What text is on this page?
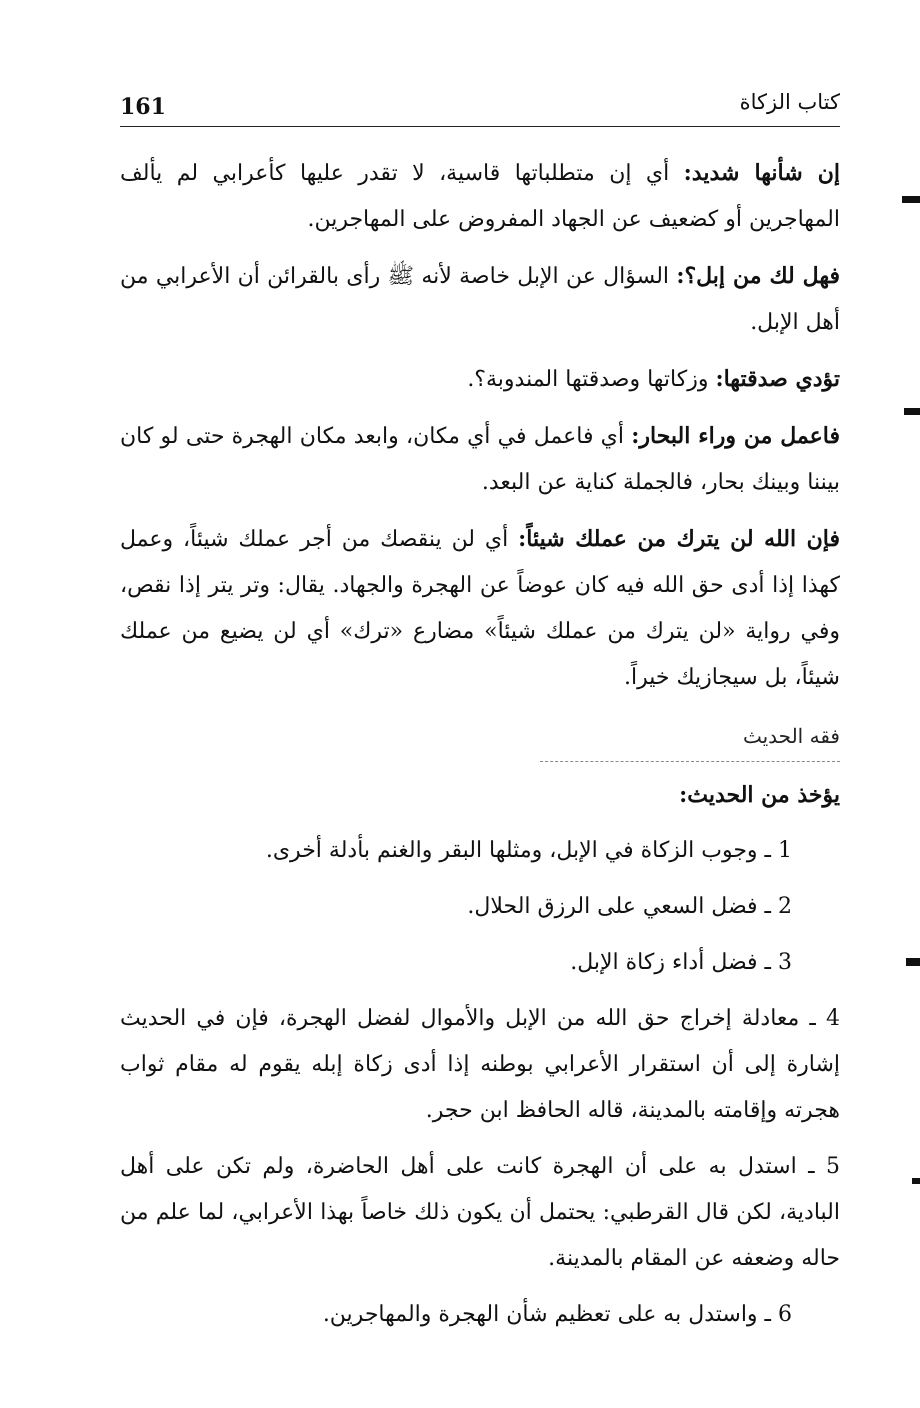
161	كتاب الزكاة

إن شأنها شديد: أي إن متطلباتها قاسية، لا تقدر عليها كأعرابي لم يألف المهاجرين أو كضعيف عن الجهاد المفروض على المهاجرين.

فهل لك من إبل؟: السؤال عن الإبل خاصة لأنه ﷺ رأى بالقرائن أن الأعرابي من أهل الإبل.

تؤدي صدقتها: وزكاتها وصدقتها المندوبة؟.

فاعمل من وراء البحار: أي فاعمل في أي مكان، وابعد مكان الهجرة حتى لو كان بيننا وبينك بحار، فالجملة كناية عن البعد.

فإن الله لن يترك من عملك شيئاً: أي لن ينقصك من أجر عملك شيئاً، وعمل كهذا إذا أدى حق الله فيه كان عوضاً عن الهجرة والجهاد. يقال: وتر يتر إذا نقص، وفي رواية «لن يترك من عملك شيئاً» مضارع «ترك» أي لن يضيع من عملك شيئاً، بل سيجازيك خيراً.

فقه الحديث

يؤخذ من الحديث:

1 ـ وجوب الزكاة في الإبل، ومثلها البقر والغنم بأدلة أخرى.

2 ـ فضل السعي على الرزق الحلال.

3 ـ فضل أداء زكاة الإبل.

4 ـ معادلة إخراج حق الله من الإبل والأموال لفضل الهجرة، فإن في الحديث إشارة إلى أن استقرار الأعرابي بوطنه إذا أدى زكاة إبله يقوم له مقام ثواب هجرته وإقامته بالمدينة، قاله الحافظ ابن حجر.

5 ـ استدل به على أن الهجرة كانت على أهل الحاضرة، ولم تكن على أهل البادية، لكن قال القرطبي: يحتمل أن يكون ذلك خاصاً بهذا الأعرابي، لما علم من حاله وضعفه عن المقام بالمدينة.

6 ـ واستدل به على تعظيم شأن الهجرة والمهاجرين.
